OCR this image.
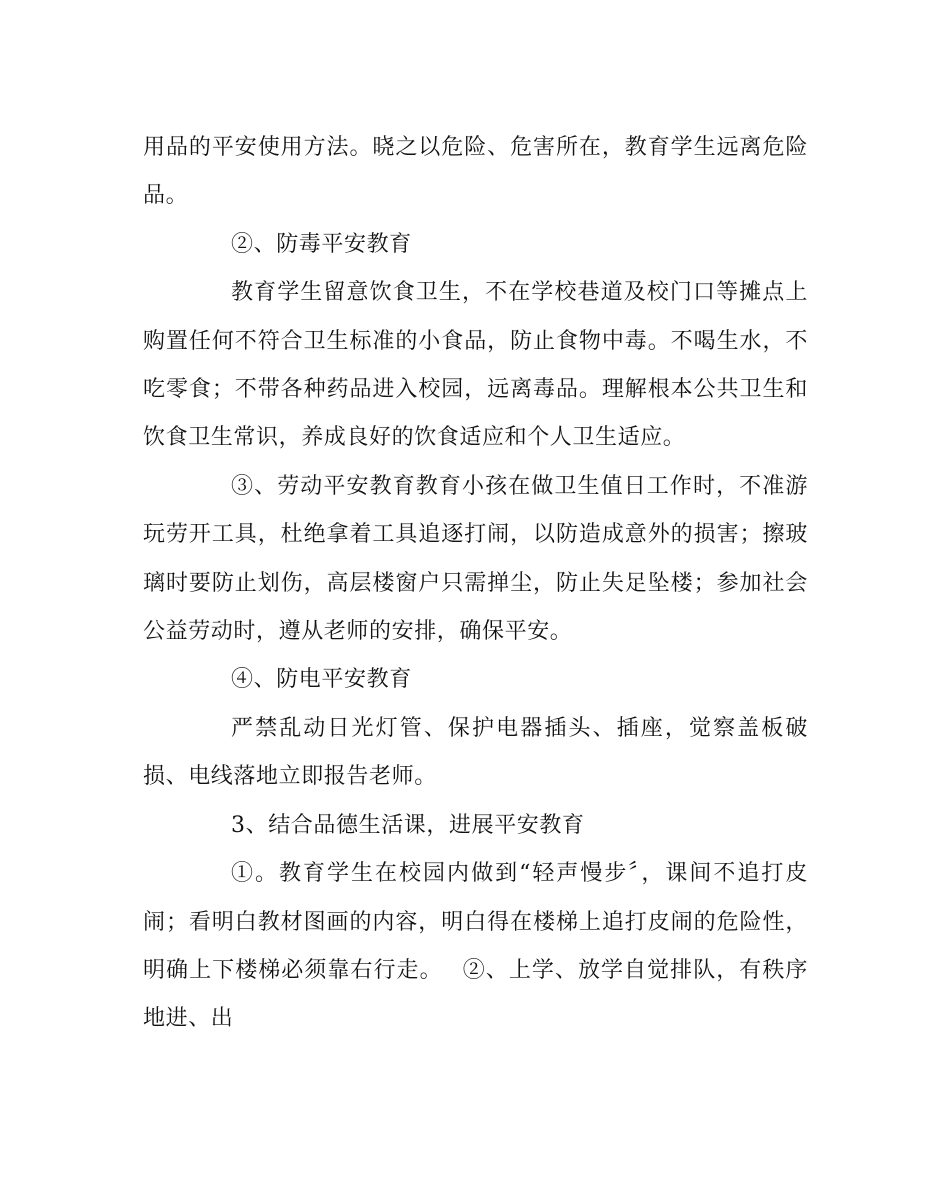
用品的平安使用方法。晓之以危险、危害所在，教育学生远离危险品。

②、防毒平安教育

教育学生留意饮食卫生，不在学校巷道及校门口等摊点上购置任何不符合卫生标准的小食品，防止食物中毒。不喝生水，不吃零食；不带各种药品进入校园，远离毒品。理解根本公共卫生和饮食卫生常识，养成良好的饮食适应和个人卫生适应。

③、劳动平安教育教育小孩在做卫生值日工作时，不准游玩劳开工具，杜绝拿着工具追逐打闹，以防造成意外的损害；擦玻璃时要防止划伤，高层楼窗户只需掸尘，防止失足坠楼；参加社会公益劳动时，遵从老师的安排，确保平安。

④、防电平安教育

严禁乱动日光灯管、保护电器插头、插座，觉察盖板破损、电线落地立即报告老师。

3、结合品德生活课，进展平安教育

①。教育学生在校园内做到“轻声慢步〞，课间不追打皮闹；看明白教材图画的内容，明白得在楼梯上追打皮闹的危险性，明确上下楼梯必须靠右行走。　 ②、上学、放学自觉排队，有秩序地进、出
